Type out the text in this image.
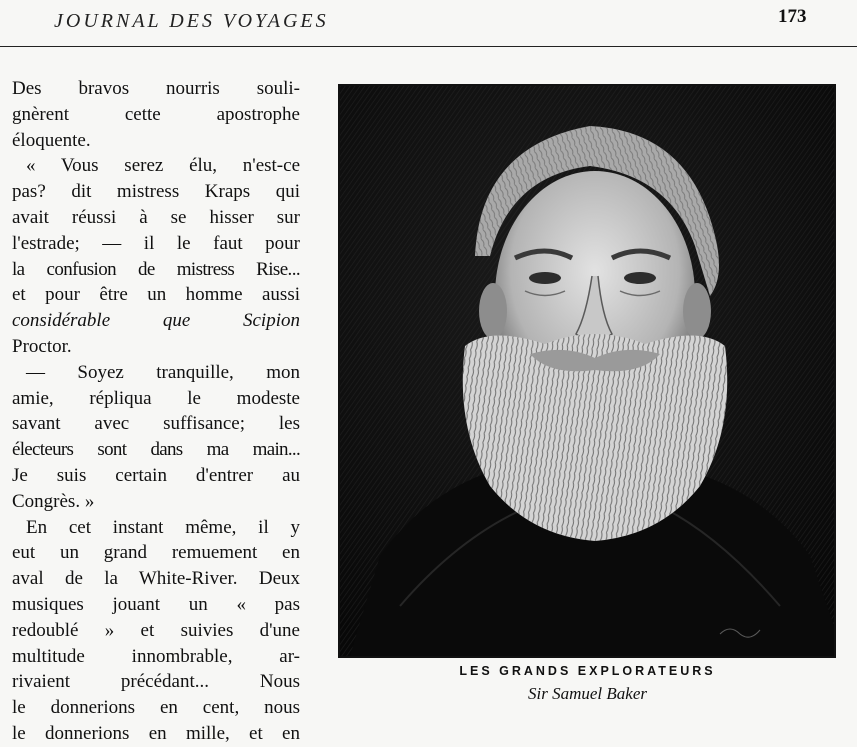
JOURNAL DES VOYAGES	173
Des bravos nourris souli-
gnèrent cette apostrophe
éloquente.
« Vous serez élu, n'est-ce
pas? dit mistress Kraps qui
avait réussi à se hisser sur
l'estrade; — il le faut pour
la confusion de mistress Rise...
et pour être un homme aussi
considérable que Scipion
Proctor.
— Soyez tranquille, mon
amie, répliqua le modeste
savant avec suffisance; les
électeurs sont dans ma main...
Je suis certain d'entrer au
Congrès. »
En cet instant même, il y
eut un grand remuement en
aval de la White-River. Deux
musiques jouant un « pas
redoublé » et suivies d'une
multitude innombrable, ar-
rivaient précédant... Nous
le donnerions en cent, nous
le donnerions en mille, et en
LES GRANDS EXPLORATEURS
Sir Samuel Baker
